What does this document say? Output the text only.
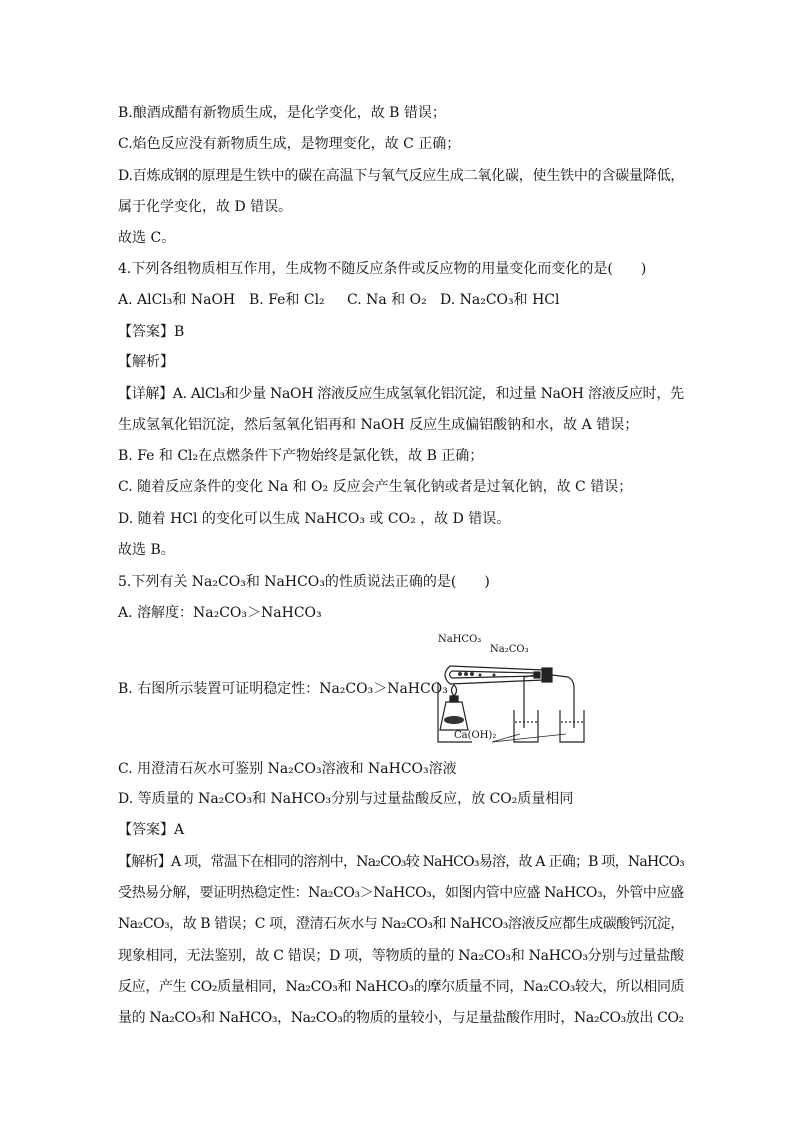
B.酿酒成醋有新物质生成，是化学变化，故 B 错误；
C.焰色反应没有新物质生成，是物理变化，故 C 正确；
D.百炼成钢的原理是生铁中的碳在高温下与氧气反应生成二氧化碳，使生铁中的含碳量降低，
属于化学变化，故 D 错误。
故选 C。
4.下列各组物质相互作用，生成物不随反应条件或反应物的用量变化而变化的是(　　)
A. AlCl₃和 NaOH B. Fe和 Cl₂ C. Na 和 O₂ D. Na₂CO₃和 HCl
【答案】B
【解析】
【详解】A. AlCl₃和少量 NaOH 溶液反应生成氢氧化铝沉淀，和过量 NaOH 溶液反应时，先
生成氢氧化铝沉淀，然后氢氧化铝再和 NaOH 反应生成偏铝酸钠和水，故 A 错误；
B. Fe 和 Cl₂在点燃条件下产物始终是氯化铁，故 B 正确；
C. 随着反应条件的变化 Na 和 O₂ 反应会产生氧化钠或者是过氧化钠，故 C 错误；
D. 随着 HCl 的变化可以生成 NaHCO₃ 或 CO₂ ，故 D 错误。
故选 B。
5.下列有关 Na₂CO₃和 NaHCO₃的性质说法正确的是(　　)
A. 溶解度：Na₂CO₃＞NaHCO₃
B. 右图所示装置可证明稳定性：Na₂CO₃＞NaHCO₃
NaHCO₃
Na₂CO₃
Ca(OH)₂
C. 用澄清石灰水可鉴别 Na₂CO₃溶液和 NaHCO₃溶液
D. 等质量的 Na₂CO₃和 NaHCO₃分别与过量盐酸反应，放 CO₂质量相同
【答案】A
【解析】A 项，常温下在相同的溶剂中，Na₂CO₃较 NaHCO₃易溶，故 A 正确；B 项，NaHCO₃
受热易分解，要证明热稳定性：Na₂CO₃＞NaHCO₃，如图内管中应盛 NaHCO₃，外管中应盛
Na₂CO₃，故 B 错误；C 项，澄清石灰水与 Na₂CO₃和 NaHCO₃溶液反应都生成碳酸钙沉淀，
现象相同，无法鉴别，故 C 错误；D 项，等物质的量的 Na₂CO₃和 NaHCO₃分别与过量盐酸
反应，产生 CO₂质量相同，Na₂CO₃和 NaHCO₃的摩尔质量不同，Na₂CO₃较大，所以相同质
量的 Na₂CO₃和 NaHCO₃，Na₂CO₃的物质的量较小，与足量盐酸作用时，Na₂CO₃放出 CO₂
